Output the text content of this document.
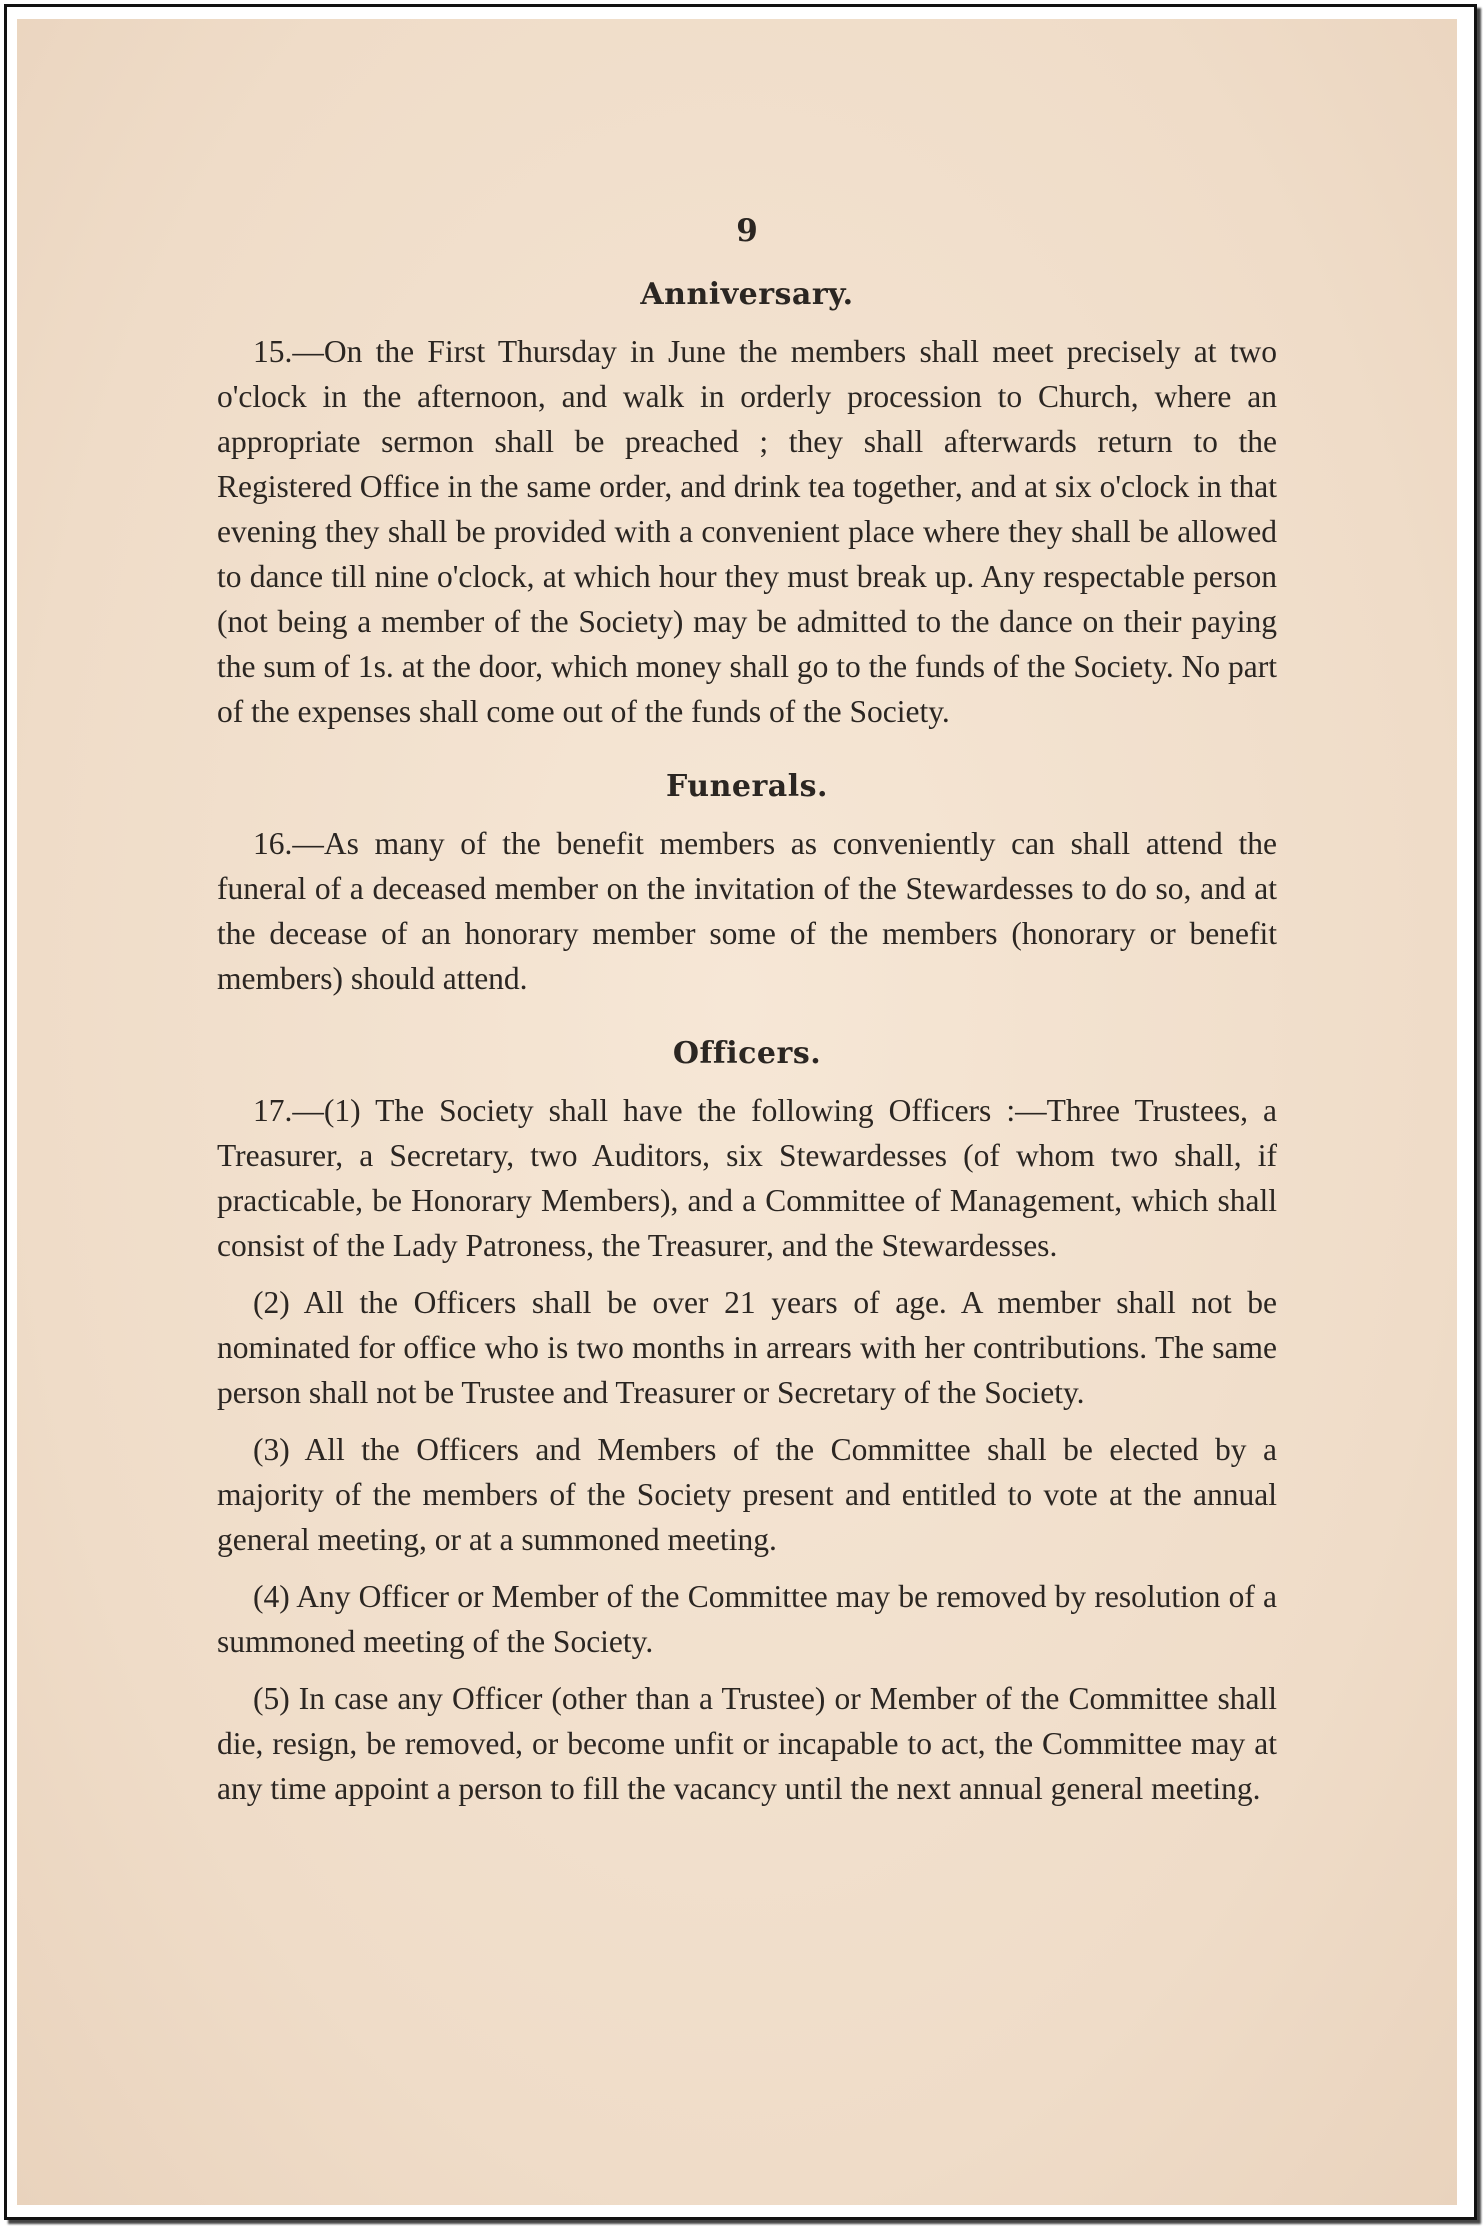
9
Anniversary.

15.—On the First Thursday in June the members shall meet precisely at two o'clock in the afternoon, and walk in orderly procession to Church, where an appropriate sermon shall be preached ; they shall afterwards return to the Registered Office in the same order, and drink tea together, and at six o'clock in that evening they shall be provided with a convenient place where they shall be allowed to dance till nine o'clock, at which hour they must break up. Any respectable person (not being a member of the Society) may be admitted to the dance on their paying the sum of 1s. at the door, which money shall go to the funds of the Society. No part of the expenses shall come out of the funds of the Society.

Funerals.

16.—As many of the benefit members as conveniently can shall attend the funeral of a deceased member on the invitation of the Stewardesses to do so, and at the decease of an honorary member some of the members (honorary or benefit members) should attend.

Officers.

17.—(1) The Society shall have the following Officers :—Three Trustees, a Treasurer, a Secretary, two Auditors, six Stewardesses (of whom two shall, if practicable, be Honorary Members), and a Committee of Management, which shall consist of the Lady Patroness, the Treasurer, and the Stewardesses.

(2) All the Officers shall be over 21 years of age. A member shall not be nominated for office who is two months in arrears with her contributions. The same person shall not be Trustee and Treasurer or Secretary of the Society.

(3) All the Officers and Members of the Committee shall be elected by a majority of the members of the Society present and entitled to vote at the annual general meeting, or at a summoned meeting.

(4) Any Officer or Member of the Committee may be removed by resolution of a summoned meeting of the Society.

(5) In case any Officer (other than a Trustee) or Member of the Committee shall die, resign, be removed, or become unfit or incapable to act, the Committee may at any time appoint a person to fill the vacancy until the next annual general meeting.
